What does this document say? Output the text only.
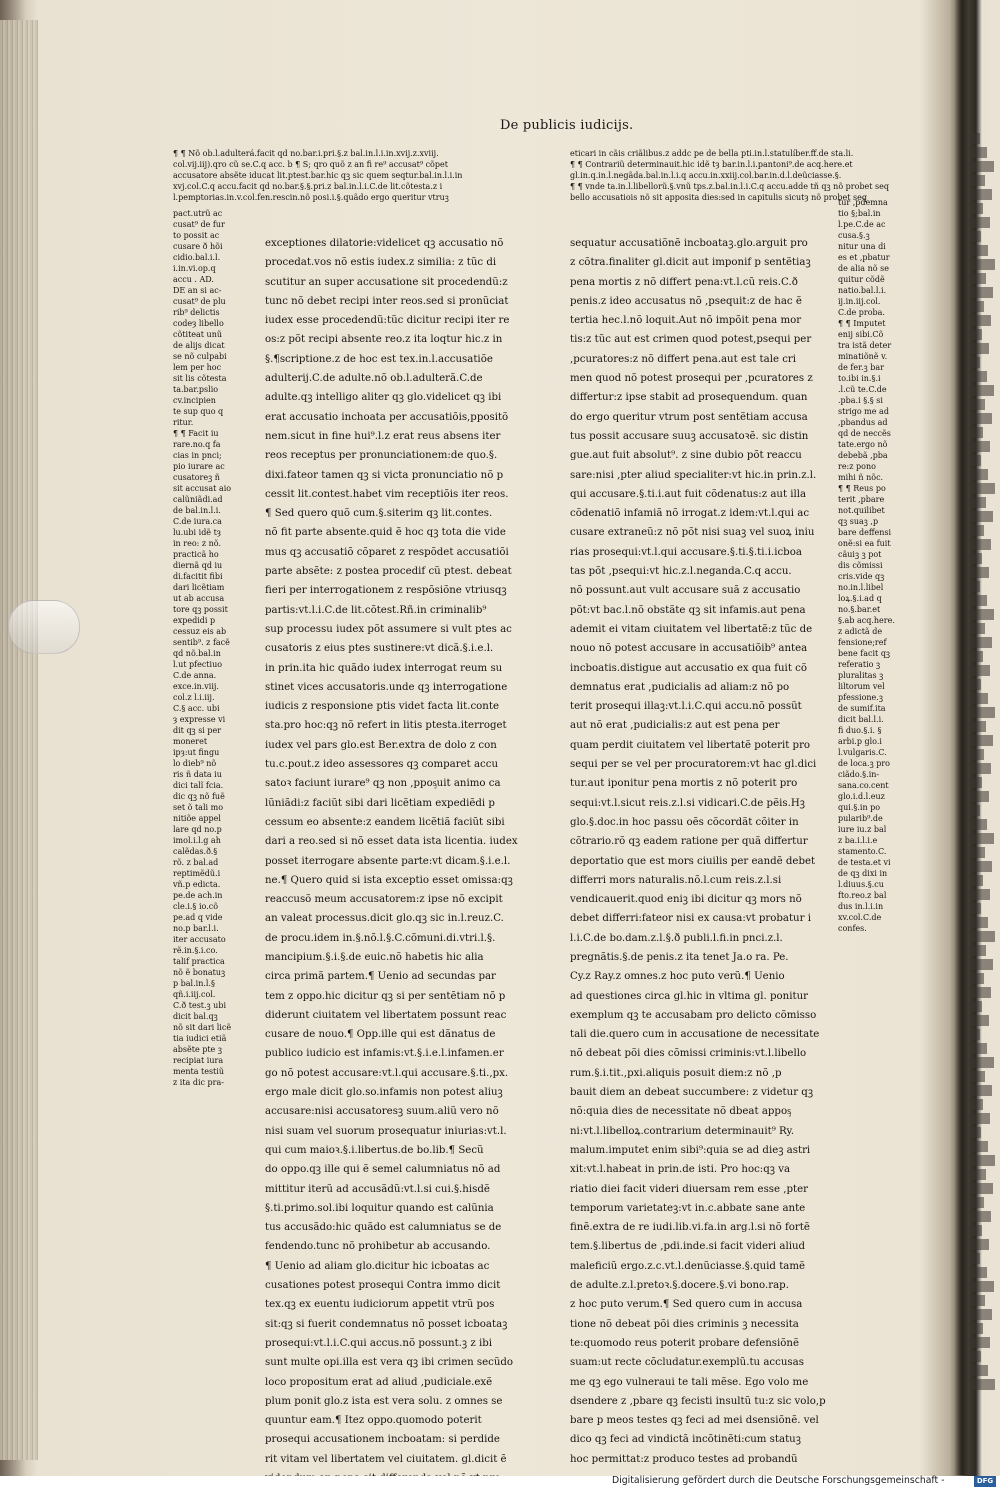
De publicis iudicijs.
¶ ¶ Nõ ob.l.adulterá.facit qd no.bar.i.pri.§.z bal.in.l.i.in.xvij.z.xviij.
col.vij.iij).qro cũ se.C.q acc. b ¶ S; qro quõ z an fi re⁹ accusat⁹ cõpet
accusatore absẽte iducat lit.ptest.bar.hic qꝫ sic quem seqtur.bal.in.l.i.in
xvj.col.C.q accu.facit qd no.bar.§.§.pri.z bal.in.l.i.C.de lit.cõtesta.z i
l.pemptorias.in.v.col.fen.rescin.nõ posi.i.§.quãdo ergo queritur vtruꝫ
eticari in cãis criãlibus.z addc pe de bella pti.in.l.statulíber.ff.de sta.li.
¶ ¶ Contrariũ determinauit.hic idẽ tȝ bar.in.l.i.pantoni⁹.de acq.here.et
gl.in.q.in.l.negãda.bal.in.l.i.q accu.in.xxiij.col.bar.in.d.l.deũciasse.§.
¶ ¶ vnde ta.in.l.libellorũ.§.vnũ tps.z.bal.in.l.i.C.q accu.adde tñ qꝫ nõ probet seq
bello accusatiois nõ sit apposita dies:sed in capitulis sicutȝ nõ probet seq
pact.utrũ ac
cusat⁹ de fur
to possit ac
cusare ð hõi
cidio.bal.i.l.
i.in.vi.op.q
accu . AD.
DE an si ac-
cusat⁹ de plu
rib⁹ delictis
codeȝ libello
cõtiteat unũ
de alijs dicat
se nõ culpabi
lem per hoc
sit lis cõtesta
ta.bar.pslio
cv.incipien
te sup quo q
ritur.
¶ ¶ Facit iu
rare.no.q fa
cias in pnci;
pio iurare ac
cusatoreꝫ ñ
sit accusat aio
calũniãdi.ad
de bal.in.l.i.
C.de iura.ca
lu.ubi idẽ tȝ
in reo: z nõ.
practicã ho
diernã qd iu
di.facitit fibi
dari licẽtiam
ut ab accusa
tore qꝫ possit
expedidi p
cessuz eis ab
sentib⁹. z facẽ
qd nõ.bal.in
l.ut pfectiuo
C.de anna.
exce.in.viij.
col.z l.i.iij.
C.§ acc. ubi
ȝ expresse vi
dit qꝫ si per
moneret
ipȝ:ut fingu
lo dieb⁹ nõ
ris ñ data iu
dici talĩ fcia.
dic qꝫ nõ fuẽ
set õ tali mo
nitiõe appel
lare qd no.p
imol.i.l.g ah
calẽdas.ð.§
rõ. z bal.ad
reptimẽdũ.i
vñ.p edicta.
pe.de ach.in
cle.i.§ io.cõ
pe.ad q vide
no.p bar.l.i.
iter accusato
rẽ.in.§.i.co.
talif practica
nõ ẽ bonatuꝫ
p bal.in.l.§
qñ.i.iij.col.
C.ð test.ꝫ ubi
dicit bal.qꝫ
nõ sit dari licẽ
tia iudici etiã
absẽte pte ꝫ
recipiat iura
menta testiũ
z ita dic pra-
exceptiones dilatorie:videlicet qꝫ accusatio nõ
procedat.vos nõ estis iudex.z similia: z tũc di
scutitur an super accusatione sit procedendũ:z
tunc nõ debet recipi inter reos.sed si pronũciat
iudex esse procedendũ:tũc dicitur recipi iter re
os:z põt recipi absente reo.z ita loqtur hic.z in
§.¶scriptione.z de hoc est tex.in.l.accusatiõe
adulterij.C.de adulte.nõ ob.l.adulterã.C.de
adulte.qꝫ intelligo aliter qꝫ glo.videlicet qꝫ ibi
erat accusatio inchoata per accusatiõis,ppositõ
nem.sicut in fine hui⁹.l.z erat reus absens iter
reos receptus per pronunciationem:de quo.§.
dixi.fateor tamen qꝫ si victa pronunciatio nõ p
cessit lit.contest.habet vim receptiõis iter reos.
¶ Sed quero quõ cum.§.siterim qꝫ lit.contes.
nõ fit parte absente.quid ẽ hoc qꝫ tota die vide
mus qꝫ accusatiõ cõparet z respõdet accusatiõi
parte absẽte: z postea procedif cũ ptest. debeat
fieri per interrogationem z respõsiõne vtriusqꝫ
partis:vt.l.i.C.de lit.cõtest.Rñ.in criminalib⁹
sup processu iudex põt assumere si vult ptes ac
cusatoris z eius ptes sustinere:vt dicã.§.i.e.l.
in prin.ita hic quãdo iudex interrogat reum su
stinet vices accusatoris.unde qꝫ interrogatione
iudicis z responsione ptis videt facta lit.conte
sta.pro hoc:qꝫ nõ refert in litis ptesta.iterroget
iudex vel pars glo.est Ber.extra de dolo z con
tu.c.pout.z ideo assessores qꝫ comparet accu
satoꝛ faciunt iurare⁹ qꝫ non ,ppoᶊuit animo ca
lũniãdi:z faciũt sibi dari licẽtiam expediẽdi p
cessum eo absente:z eandem licẽtiã faciũt sibi
dari a reo.sed si nõ esset data ista licentia. iudex
posset iterrogare absente parte:vt dicam.§.i.e.l.
ne.¶ Quero quid si ista exceptio esset omissa:qꝫ
reaccusõ meum accusatorem:z ipse nõ excipit
an valeat processus.dicit glo.qꝫ sic in.l.reuz.C.
de procu.idem in.§.nõ.l.§.C.cõmuni.di.vtri.l.§.
mancipium.§.i.§.de euic.nõ habetis hic alia
circa primã partem.¶ Uenio ad secundas par
tem z oppo.hic dicitur qꝫ si per sentẽtiam nõ p
diderunt ciuitatem vel libertatem possunt reac
cusare de nouo.¶ Opp.ille qui est dãnatus de
publico iudicio est infamis:vt.§.i.e.l.infamen.er
go nõ potest accusare:vt.l.qui accusare.§.ti.,px.
ergo male dicit glo.so.infamis non potest aliuꝫ
accusare:nisi accusatoresꝫ suum.aliũ vero nõ
nisi suam vel suorum prosequatur iniurias:vt.l.
qui cum maioꝛ.§.i.libertus.de bo.lib.¶ Secũ
do oppo.qꝫ ille qui ẽ semel calumniatus nõ ad
mittitur iterũ ad accusãdũ:vt.l.si cui.§.hisdẽ
§.ti.primo.sol.ibi loquitur quando est calũnia
tus accusãdo:hic quãdo est calumniatus se de
fendendo.tunc nõ prohibetur ab accusando.
¶ Uenio ad aliam glo.dicitur hic icboatas ac
cusationes potest prosequi Contra immo dicit
tex.qꝫ ex euentu iudiciorum appetit vtrũ pos
sit:qꝫ si fuerit condemnatus nõ posset icboataꝫ
prosequi:vt.l.i.C.qui accus.nõ possunt.ꝫ z ibi
sunt multe opi.illa est vera qꝫ ibi crimen secũdo
loco propositum erat ad aliud ,pudiciale.exẽ
plum ponit glo.z ista est vera solu. z omnes se
quuntur eam.¶ Itez oppo.quomodo poterit
prosequi accusationem incboatam: si perdide
rit vitam vel libertatem vel ciuitatem. gl.dicit ẽ
sequatur accusatiõnẽ incboataꝫ.glo.arguit pro
z cõtra.finaliter gl.dicit aut imponif p sentẽtiaꝫ
pena mortis z nõ differt pena:vt.l.cũ reis.C.ð
penis.z ideo accusatus nõ ,psequit:z de hac ẽ
tertia hec.l.nõ loquit.Aut nõ impõit pena mor
tis:z tũc aut est crimen quod potest,psequi per
,pcuratores:z nõ differt pena.aut est tale cri
men quod nõ potest prosequi per ,pcuratores z
differtur:z ipse stabit ad prosequendum. quan
do ergo queritur vtrum post sentẽtiam accusa
tus possit accusare suuꝫ accusatoꝛẽ. sic distin
gue.aut fuit absolut⁹. z sine dubio põt reaccu
sare:nisi ,pter aliud specialiter:vt hic.in prin.z.l.
qui accusare.§.ti.i.aut fuit cõdenatus:z aut illa
cõdenatiõ infamiã nõ irrogat.z idem:vt.l.qui ac
cusare extraneũ:z nõ põt nisi suaꝫ vel suoꝝ iniu
rias prosequi:vt.l.qui accusare.§.ti.§.ti.i.icboa
tas põt ,psequi:vt hic.z.l.neganda.C.q accu.
nõ possunt.aut vult accusare suã z accusatio
põt:vt bac.l.nõ obstãte qꝫ sit infamis.aut pena
ademit ei vitam ciuitatem vel libertatẽ:z tũc de
nouo nõ potest accusare in accusatiõib⁹ antea
incboatis.distigue aut accusatio ex qua fuit cõ
demnatus erat ,pudicialis ad aliam:z nõ po
terit prosequi illaꝫ:vt.l.i.C.qui accu.nõ possũt
aut nõ erat ,pudicialis:z aut est pena per
quam perdit ciuitatem vel libertatẽ poterit pro
sequi per se vel per procuratorem:vt hac gl.dici
tur.aut iponitur pena mortis z nõ poterit pro
sequi:vt.l.sicut reis.z.l.si vidicari.C.de pẽis.Hꝫ
glo.§.doc.in hoc passu oẽs cõcordãt cõiter in
cõtrario.rõ qꝫ eadem ratione per quã differtur
deportatio que est mors ciuilis per eandẽ debet
differri mors naturalis.nõ.l.cum reis.z.l.si
vendicauerit.quod eniꝫ ibi dicitur qꝫ mors nõ
debet differri:fateor nisi ex causa:vt probatur i
l.i.C.de bo.dam.z.l.§.ð publi.l.fi.in pnci.z.l.
pregnãtis.§.de penis.z ita tenet Ja.o ra. Pe.
Cy.z Ray.z omnes.z hoc puto verũ.¶ Uenio
ad questiones circa gl.hic in vltima gl. ponitur
exemplum qꝫ te accusabam pro delicto cõmisso
tali die.quero cum in accusatione de necessitate
nõ debeat põi dies cõmissi criminis:vt.l.libello
rum.§.i.tit.,pxi.aliquis posuit diem:z nõ ,p
bauit diem an debeat succumbere: z videtur qꝫ
nõ:quia dies de necessitate nõ dbeat appoᶊ
ni:vt.l.libelloꝝ.contrarium determinauit⁹ Ry.
malum.imputet enim sibi⁹:quia se ad dieꝫ astri
xit:vt.l.habeat in prin.de isti. Pro hoc:qꝫ va
riatio diei facit videri diuersam rem esse ,pter
temporum varietateꝫ:vt in.c.abbate sane ante
finẽ.extra de re iudi.lib.vi.fa.in arg.l.si nõ fortẽ
tem.§.libertus de ,pdi.inde.si facit videri aliud
maleficiũ ergo.z.c.vt.l.denũciasse.§.quid tamẽ
de adulte.z.l.pretoꝛ.§.docere.§.vi bono.rap.
z hoc puto verum.¶ Sed quero cum in accusa
tione nõ debeat põi dies criminis ꝫ necessita
te:quomodo reus poterit probare defensiõnẽ
suam:ut recte cõcludatur.exemplũ.tu accusas
me qꝫ ego vulneraui te tali mẽse. Ego volo me
dsendere z ,pbare qꝫ fecisti insultũ tu:z sic volo,p
bare p meos testes qꝫ feci ad mei dsensiõnẽ. vel
dico qꝫ feci ad vindictã incõtinẽti:cum statuꝫ
hoc permittat:z produco testes ad probandũ
tur ,pdemna
tio §;bal.in
l.pe.C.de ac
cusa.§.ꝫ
nitur una di
es et ,pbatur
de alia nõ se
quitur cõdẽ
natio.bal.l.i.
ij.in.iij.col.
C.de proba.
¶ ¶ Imputet
enij sibi.Cõ
tra istã deter
minatiõnẽ v.
de fer.ꝫ bar
to.ibi in.§.i
.l.cũ te.C.de
.pba.i §.§ si
strigo me ad
,pbandus ad
qd de neccẽs
tate.ergo nõ
debebã ,pba
re:z pono
mihi ñ nõc.
¶ ¶ Reus po
terit ,pbare
not.quilibet
qꝫ suaꝫ ,p
bare deffensi
onẽ:si ea fuit
cãuiꝫ ꝫ pot
dis cõmissi
cris.vide qꝫ
no.in.l.libel
loꝝ.§.i.ad q
no.§.bar.et
§.ab acq.here.
z adictã de
fensione;ref
bene facit qꝫ
referatio ꝫ
pluralitas ꝫ
liltorum vel
pfessione.ꝫ
de sumif.ita
dicit bal.l.i.
fi duo.§.i. §
arbi.p glo.i
l.vulgaris.C.
de loca.ꝫ pro
ciãdo.§.in-
sana.co.cent
glo.i.d.l.euz
qui.§.in po
pularib⁹.de
iure iu.z bal
z ba.i.l.i.e
stamento.C.
de testa.et vi
de qꝫ dixi in
l.diuus.§.cu
fto.reo.z bal
dus in.l.i.in
xv.col.C.de
confes.
Digitalisierung gefördert durch die Deutsche Forschungsgemeinschaft -	DFG
